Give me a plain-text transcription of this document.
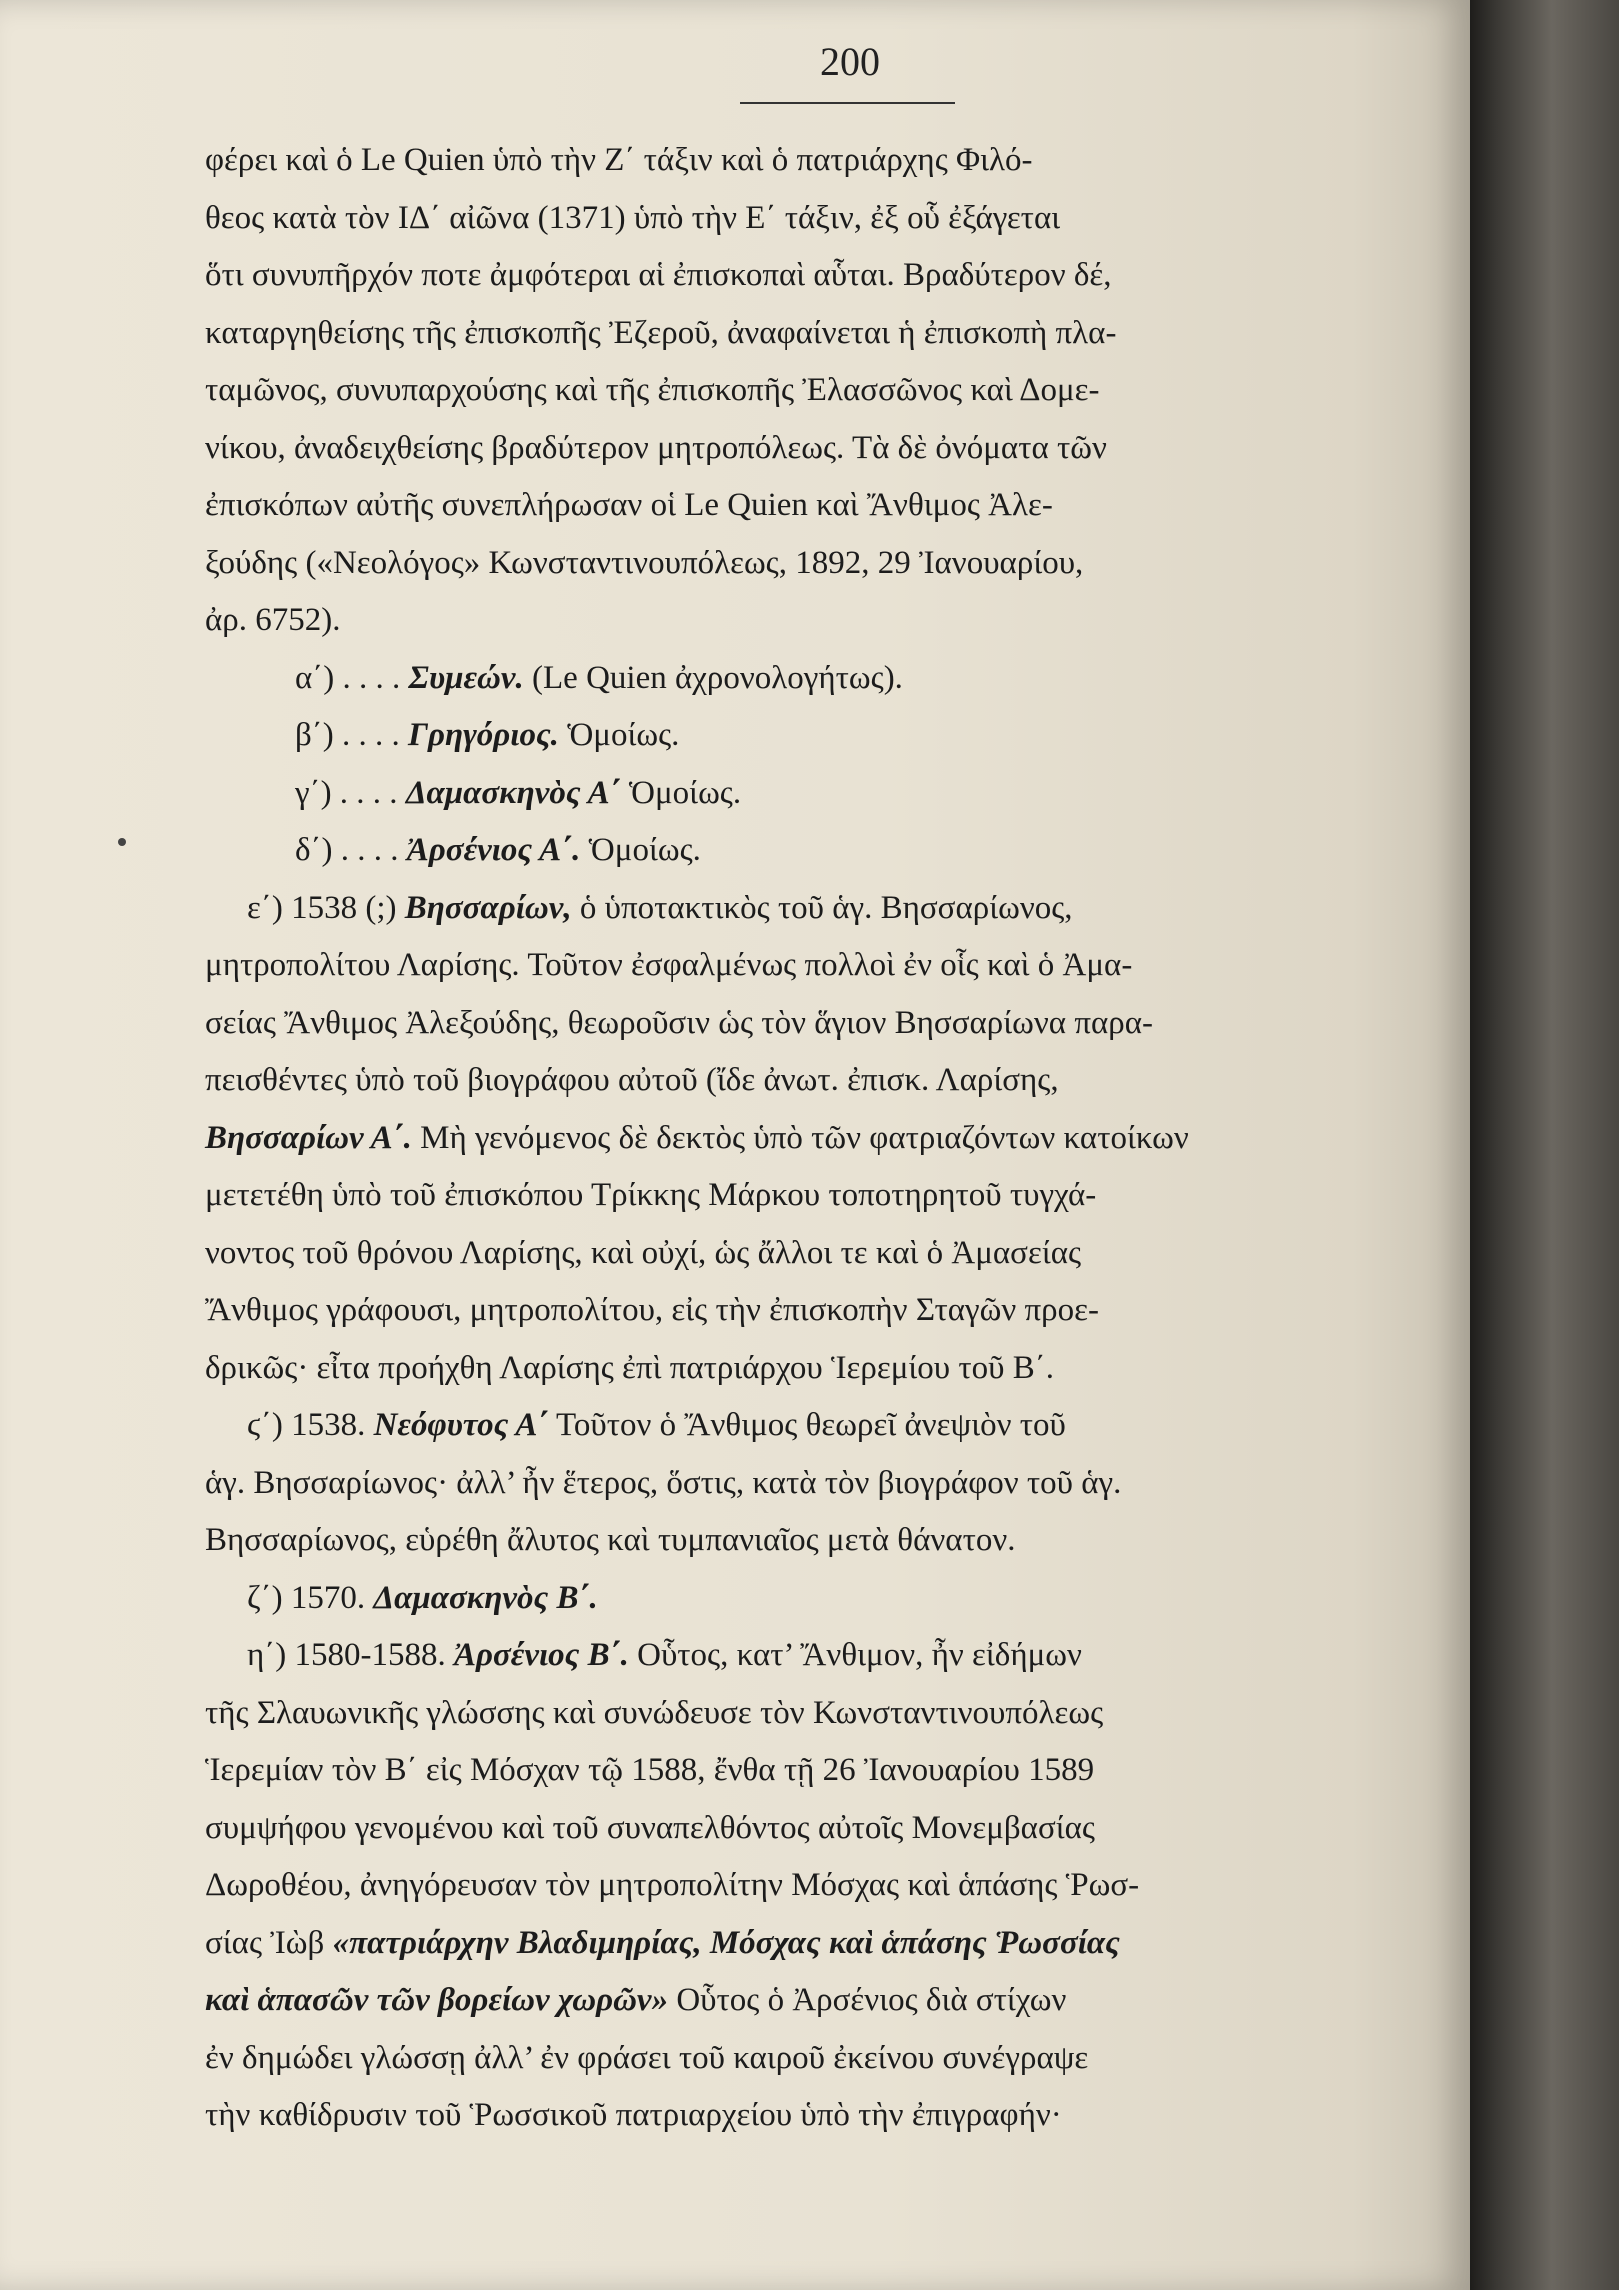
200

φέρει καὶ ὁ Le Quien ὑπὸ τὴν Ζ΄ τάξιν καὶ ὁ πατριάρχης Φιλό-
θεος κατὰ τὸν ΙΔ΄ αἰῶνα (1371) ὑπὸ τὴν Ε΄ τάξιν, ἐξ οὗ ἐξάγεται
ὅτι συνυπῆρχόν ποτε ἀμφότεραι αἱ ἐπισκοπαὶ αὗται. Βραδύτερον δέ,
καταργηθείσης τῆς ἐπισκοπῆς Ἐζεροῦ, ἀναφαίνεται ἡ ἐπισκοπὴ πλα-
ταμῶνος, συνυπαρχούσης καὶ τῆς ἐπισκοπῆς Ἐλασσῶνος καὶ Δομε-
νίκου, ἀναδειχθείσης βραδύτερον μητροπόλεως. Τὰ δὲ ὀνόματα τῶν
ἐπισκόπων αὐτῆς συνεπλήρωσαν οἱ Le Quien καὶ Ἄνθιμος Ἀλε-
ξούδης («Νεολόγος» Κωνσταντινουπόλεως, 1892, 29 Ἰανουαρίου,
ἀρ. 6752).

α΄) . . . . Συμεών. (Le Quien ἀχρονολογήτως).

β΄) . . . . Γρηγόριος. Ὁμοίως.

γ΄) . . . . Δαμασκηνὸς Α΄ Ὁμοίως.

δ΄) . . . . Ἀρσένιος Α΄. Ὁμοίως.

ε΄) 1538 (;) Βησσαρίων, ὁ ὑποτακτικὸς τοῦ ἁγ. Βησσαρίωνος,
μητροπολίτου Λαρίσης. Τοῦτον ἐσφαλμένως πολλοὶ ἐν οἷς καὶ ὁ Ἀμα-
σείας Ἄνθιμος Ἀλεξούδης, θεωροῦσιν ὡς τὸν ἅγιον Βησσαρίωνα παρα-
πεισθέντες ὑπὸ τοῦ βιογράφου αὐτοῦ (ἴδε ἀνωτ. ἐπισκ. Λαρίσης,
Βησσαρίων Α΄. Μὴ γενόμενος δὲ δεκτὸς ὑπὸ τῶν φατριαζόντων κατοίκων
μετετέθη ὑπὸ τοῦ ἐπισκόπου Τρίκκης Μάρκου τοποτηρητοῦ τυγχά-
νοντος τοῦ θρόνου Λαρίσης, καὶ οὐχί, ὡς ἄλλοι τε καὶ ὁ Ἀμασείας
Ἄνθιμος γράφουσι, μητροπολίτου, εἰς τὴν ἐπισκοπὴν Σταγῶν προε-
δρικῶς· εἶτα προήχθη Λαρίσης ἐπὶ πατριάρχου Ἱερεμίου τοῦ Β΄.

ϛ΄) 1538. Νεόφυτος Α΄ Τοῦτον ὁ Ἄνθιμος θεωρεῖ ἀνεψιὸν τοῦ
ἁγ. Βησσαρίωνος· ἀλλ’ ἦν ἕτερος, ὅστις, κατὰ τὸν βιογράφον τοῦ ἁγ.
Βησσαρίωνος, εὑρέθη ἄλυτος καὶ τυμπανιαῖος μετὰ θάνατον.

ζ΄) 1570. Δαμασκηνὸς Β΄.

η΄) 1580-1588. Ἀρσένιος Β΄. Οὗτος, κατ’ Ἄνθιμον, ἦν εἰδήμων
τῆς Σλαυωνικῆς γλώσσης καὶ συνώδευσε τὸν Κωνσταντινουπόλεως
Ἱερεμίαν τὸν Β΄ εἰς Μόσχαν τῷ 1588, ἔνθα τῇ 26 Ἰανουαρίου 1589
συμψήφου γενομένου καὶ τοῦ συναπελθόντος αὐτοῖς Μονεμβασίας
Δωροθέου, ἀνηγόρευσαν τὸν μητροπολίτην Μόσχας καὶ ἁπάσης Ῥωσ-
σίας Ἰὼβ «πατριάρχην Βλαδιμηρίας, Μόσχας καὶ ἁπάσης Ῥωσσίας
καὶ ἁπασῶν τῶν βορείων χωρῶν» Οὗτος ὁ Ἀρσένιος διὰ στίχων
ἐν δημώδει γλώσσῃ ἀλλ’ ἐν φράσει τοῦ καιροῦ ἐκείνου συνέγραψε
τὴν καθίδρυσιν τοῦ Ῥωσσικοῦ πατριαρχείου ὑπὸ τὴν ἐπιγραφήν·
